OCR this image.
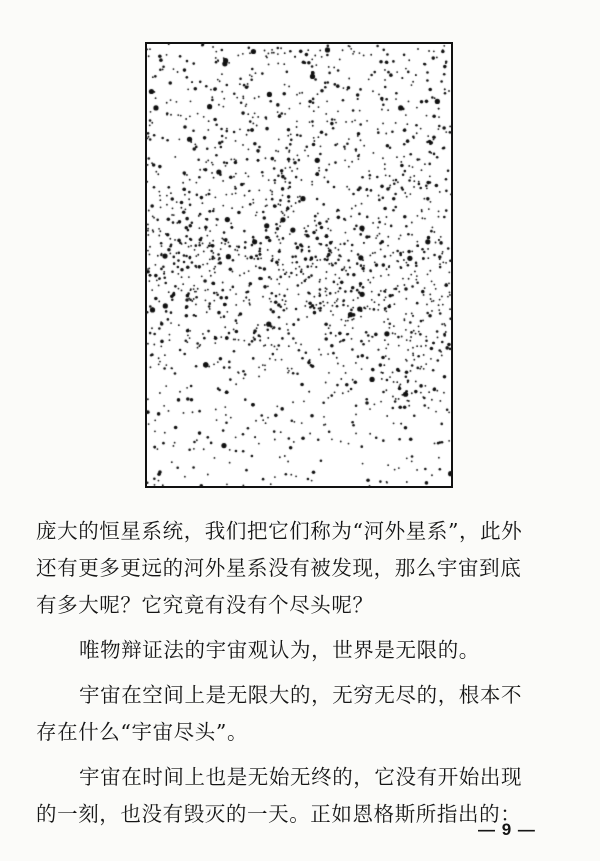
庞大的恒星系统，我们把它们称为“河外星系”，此外
还有更多更远的河外星系没有被发现，那么宇宙到底
有多大呢？它究竟有没有个尽头呢？
唯物辩证法的宇宙观认为，世界是无限的。
宇宙在空间上是无限大的，无穷无尽的，根本不
存在什么“宇宙尽头”。
宇宙在时间上也是无始无终的，它没有开始出现
的一刻，也没有毁灭的一天。正如恩格斯所指出的：
— 9 —
